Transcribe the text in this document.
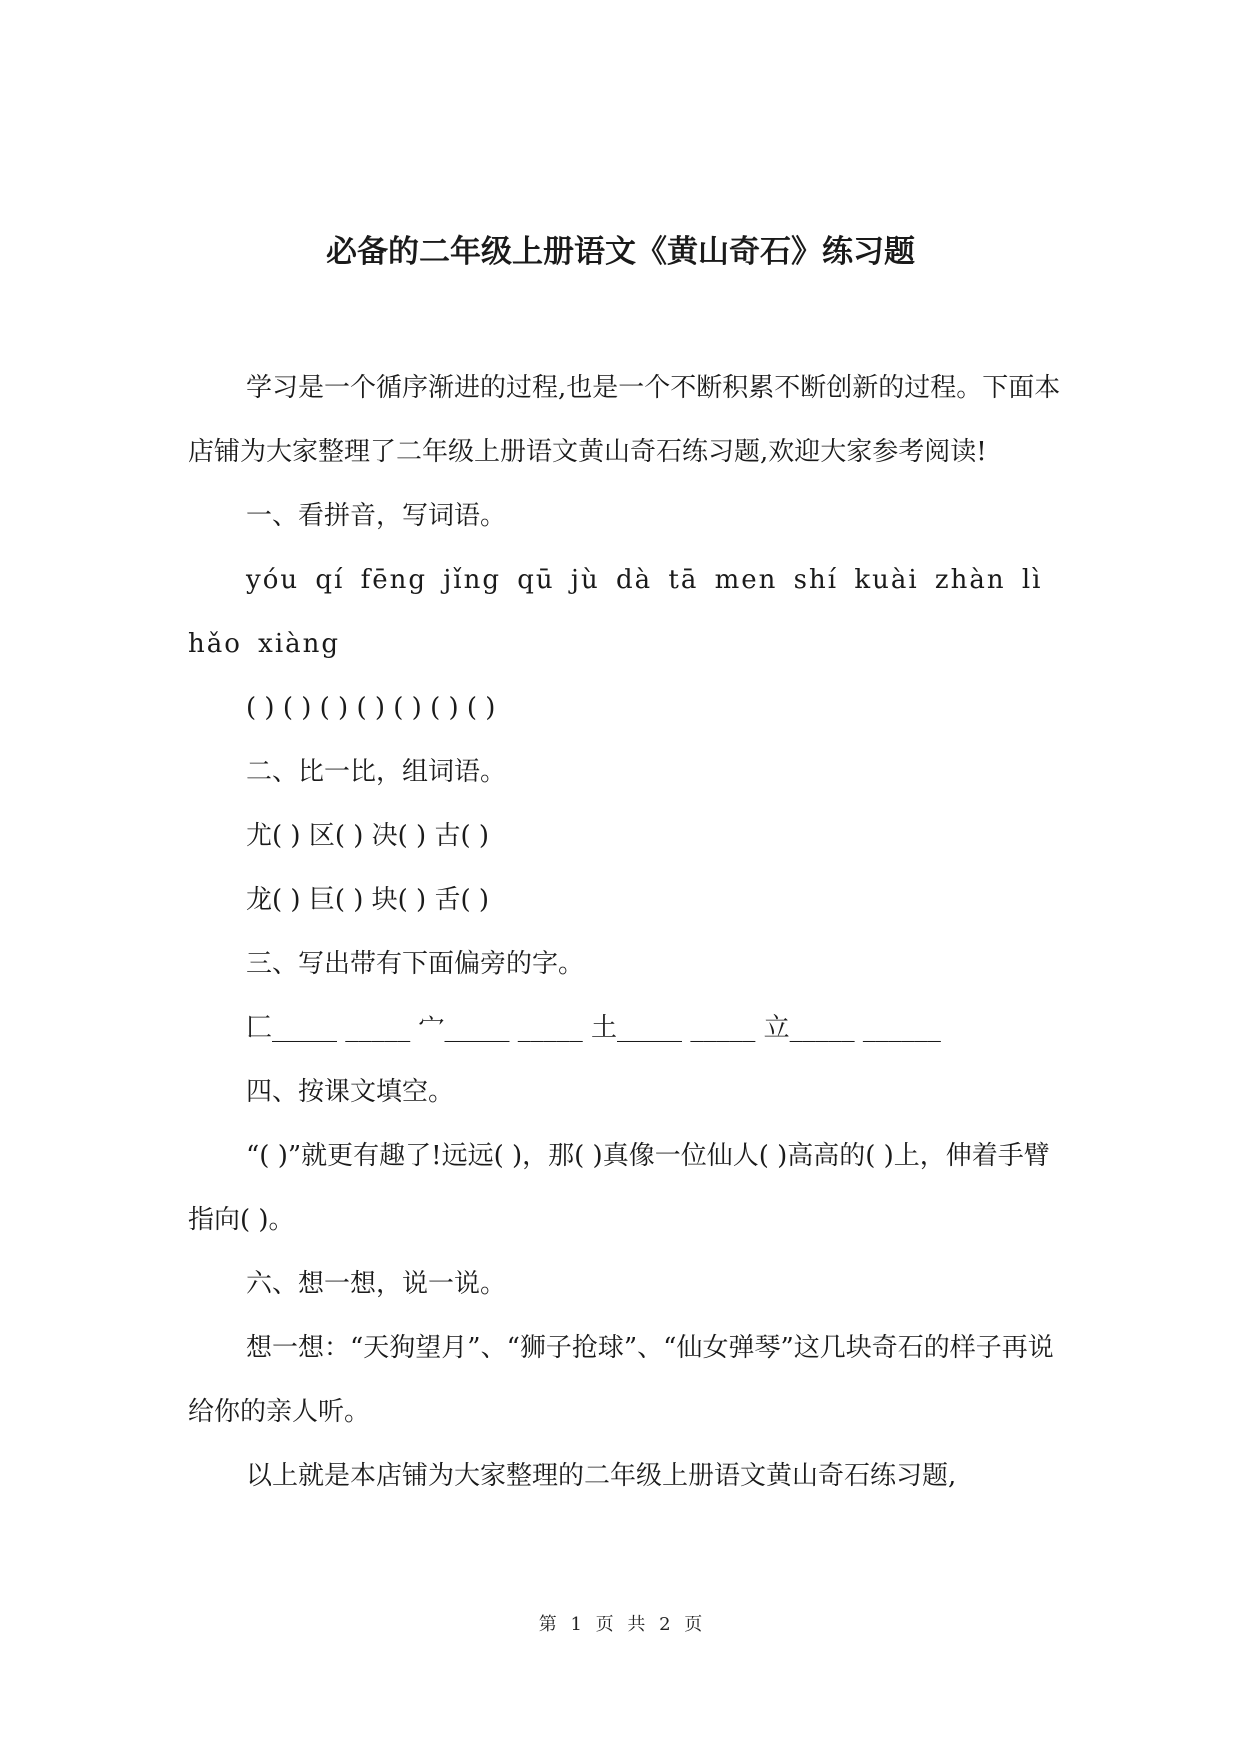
必备的二年级上册语文《黄山奇石》练习题

学习是一个循序渐进的过程,也是一个不断积累不断创新的过程。下面本店铺为大家整理了二年级上册语文黄山奇石练习题,欢迎大家参考阅读!

一、看拼音，写词语。

yóu qí fēng jǐng qū jù dà tā men shí kuài zhàn lì hǎo xiàng

( ) ( ) ( ) ( ) ( ) ( ) ( )

二、比一比，组词语。

尤( ) 区( ) 决( ) 古( )

龙( ) 巨( ) 块( ) 舌( )

三、写出带有下面偏旁的字。

匚_____ _____ 宀_____ _____ 土_____ _____ 立_____ ______

四、按课文填空。

“( )”就更有趣了!远远( )，那( )真像一位仙人( )高高的( )上，伸着手臂指向( )。

六、想一想，说一说。

想一想：“天狗望月”、“狮子抢球”、“仙女弹琴”这几块奇石的样子再说给你的亲人听。

以上就是本店铺为大家整理的二年级上册语文黄山奇石练习题,

第 1 页 共 2 页
